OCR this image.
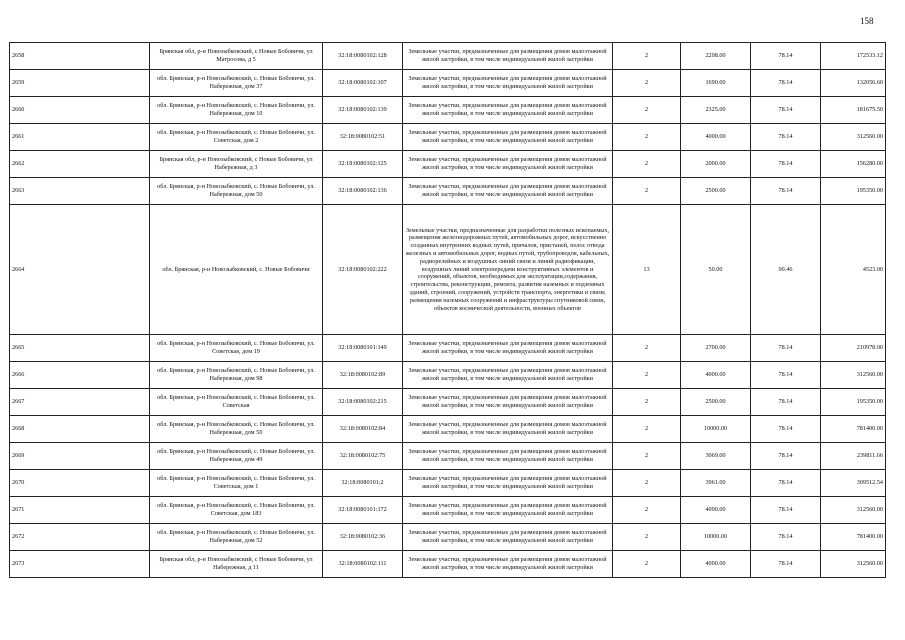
158
2658	Брянская обл, р-н Новозыбковский, с Новые Бобовичи, ул Матросова, д 5	32:18:0080102:128	Земельные участки, предназначенные для размещения домов малоэтажной жилой застройки, в том числе индивидуальной жилой застройки	2	2208.00	78.14	172533.12
2659	обл. Брянская, р-н Новозыбковский, с. Новые Бобовичи, ул. Набережная, дом 37	32:18:0080102:107	Земельные участки, предназначенные для размещения домов малоэтажной жилой застройки, в том числе индивидуальной жилой застройки	2	1690.00	78.14	132056.60
2660	обл. Брянская, р-н Новозыбковский, с. Новые Бобовичи, ул. Набережная, дом 10	32:18:0080102:139	Земельные участки, предназначенные для размещения домов малоэтажной жилой застройки, в том числе индивидуальной жилой застройки	2	2325.00	78.14	181675.50
2661	обл. Брянская, р-н Новозыбковский, с. Новые Бобовичи, ул. Советская, дом 2	32:18:0080102:51	Земельные участки, предназначенные для размещения домов малоэтажной жилой застройки, в том числе индивидуальной жилой застройки	2	4000.00	78.14	312560.00
2662	Брянская обл, р-н Новозыбковский, с Новые Бобовичи, ул Набережная, д 3	32:18:0080102:125	Земельные участки, предназначенные для размещения домов малоэтажной жилой застройки, в том числе индивидуальной жилой застройки	2	2000.00	78.14	156280.00
2663	обл. Брянская, р-н Новозыбковский, с. Новые Бобовичи, ул. Набережная, дом 50	32:18:0080102:136	Земельные участки, предназначенные для размещения домов малоэтажной жилой застройки, в том числе индивидуальной жилой застройки	2	2500.00	78.14	195350.00
2664	обл. Брянская, р-н Новозыбковский, с. Новые Бобовичи	32:18:0080102:222	Земельные участки, предназначенные для разработки полезных ископаемых, размещения железнодорожных путей, автомобильных дорог, искусственно созданных внутренних водных путей, причалов, пристаней, полос отвода железных и автомобильных дорог, водных путей, трубопроводов, кабельных, радиорелейных и воздушных линий связи и линий радиофикации, воздушных линий электропередачи конструктивных элементов и сооружений, объектов, необходимых для эксплуатации,содержания, строительства, реконструкции, ремонта, развития наземных и подземных зданий, строений, сооружений, устройств транспорта, энергетики и связи; размещения наземных сооружений и инфраструктуры спутниковой связи, объектов космической деятельности, военных объектов	13	50.00	90.46	4523.00
2665	обл. Брянская, р-н Новозыбковский, с. Новые Бобовичи, ул. Советская, дом 19	32:18:0080101:149	Земельные участки, предназначенные для размещения домов малоэтажной жилой застройки, в том числе индивидуальной жилой застройки	2	2700.00	78.14	210978.00
2666	обл. Брянская, р-н Новозыбковский, с. Новые Бобовичи, ул. Набережная, дом 98	32:18:0080102:89	Земельные участки, предназначенные для размещения домов малоэтажной жилой застройки, в том числе индивидуальной жилой застройки	2	4000.00	78.14	312560.00
2667	обл. Брянская, р-н Новозыбковский, с. Новые Бобовичи, ул. Советская	32:18:0080102:215	Земельные участки, предназначенные для размещения домов малоэтажной жилой застройки, в том числе индивидуальной жилой застройки	2	2500.00	78.14	195350.00
2668	обл. Брянская, р-н Новозыбковский, с. Новые Бобовичи, ул. Набережная, дом 50	32:18:0080102:84	Земельные участки, предназначенные для размещения домов малоэтажной жилой застройки, в том числе индивидуальной жилой застройки	2	10000.00	78.14	781400.00
2669	обл. Брянская, р-н Новозыбковский, с. Новые Бобовичи, ул. Набережная, дом 49	32:18:0080102:75	Земельные участки, предназначенные для размещения домов малоэтажной жилой застройки, в том числе индивидуальной жилой застройки	2	3069.00	78.14	239811.66
2670	обл. Брянская, р-н Новозыбковский, с. Новые Бобовичи, ул. Советская, дом 1	32:18:0080101:2	Земельные участки, предназначенные для размещения домов малоэтажной жилой застройки, в том числе индивидуальной жилой застройки	2	3961.00	78.14	309512.54
2671	обл. Брянская, р-н Новозыбковский, с. Новые Бобовичи, ул. Советская, дом 183	32:18:0080101:172	Земельные участки, предназначенные для размещения домов малоэтажной жилой застройки, в том числе индивидуальной жилой застройки	2	4000.00	78.14	312560.00
2672	обл. Брянская, р-н Новозыбковский, с. Новые Бобовичи, ул. Набережная, дом 52	32:18:0080102:36	Земельные участки, предназначенные для размещения домов малоэтажной жилой застройки, в том числе индивидуальной жилой застройки	2	10000.00	78.14	781400.00
2673	Брянская обл, р-н Новозыбковский, с Новые Бобовичи, ул Набережная, д 11	32:18:0080102:111	Земельные участки, предназначенные для размещения домов малоэтажной жилой застройки, в том числе индивидуальной жилой застройки	2	4000.00	78.14	312560.00
